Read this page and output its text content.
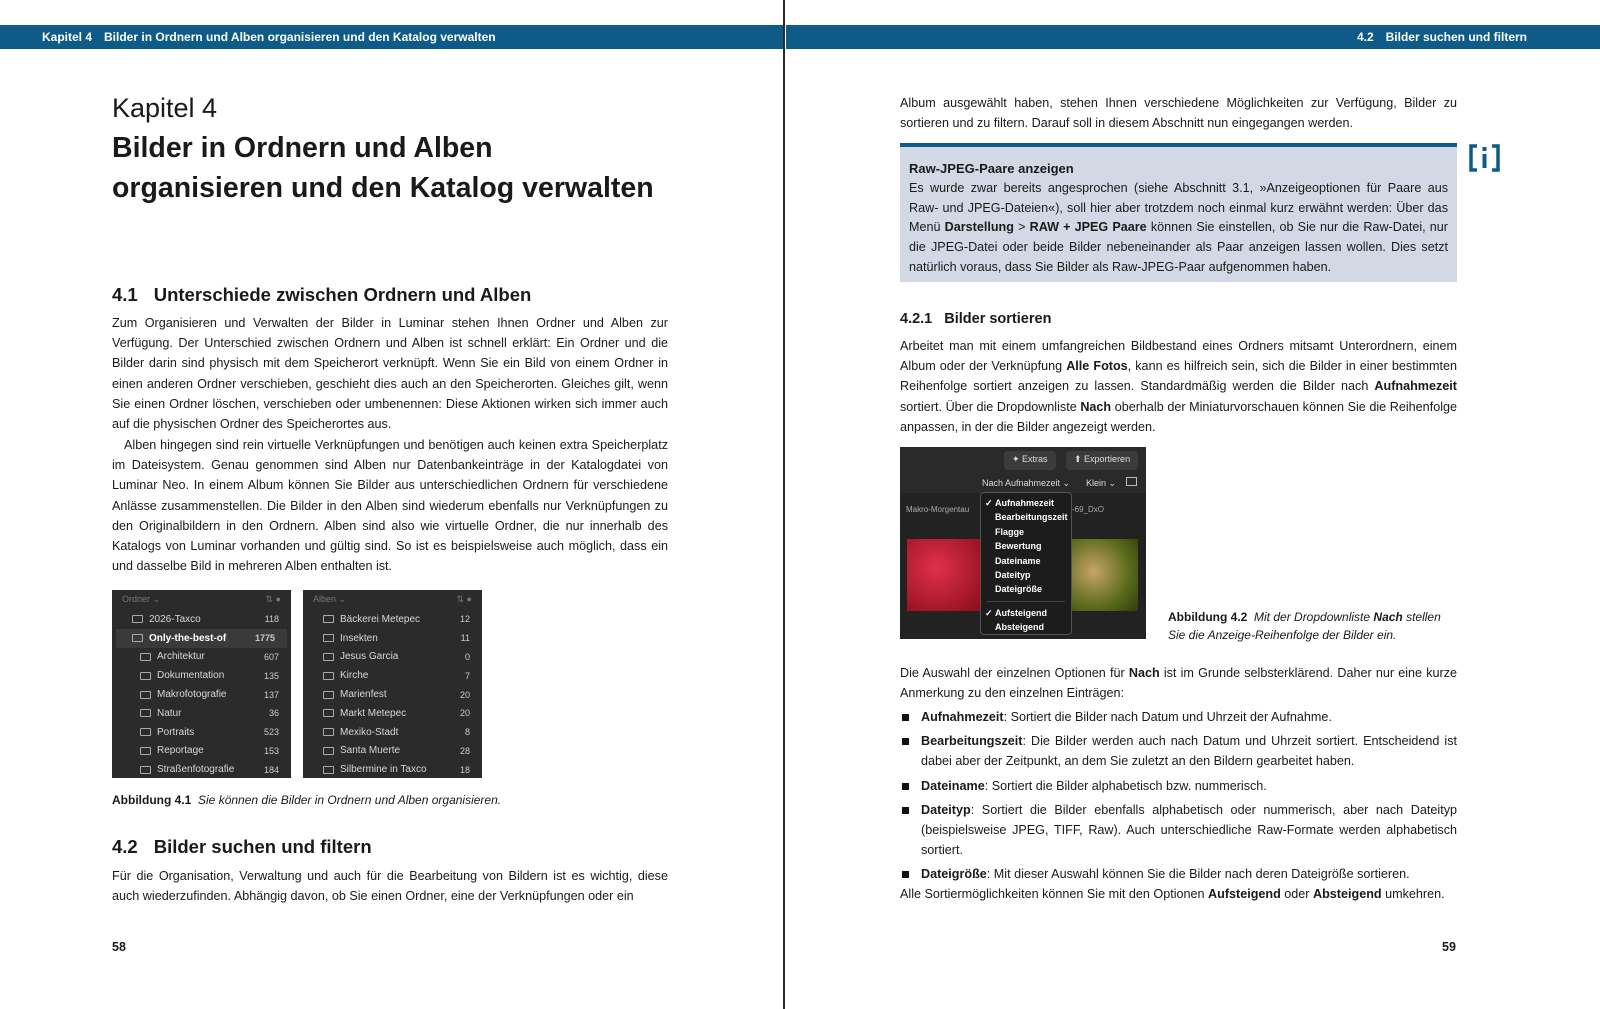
Kapitel 4 Bilder in Ordnern und Alben organisieren und den Katalog verwalten	4.2 Bilder suchen und filtern
Kapitel 4
Bilder in Ordnern und Alben
organisieren und den Katalog verwalten
4.1 Unterschiede zwischen Ordnern und Alben

Zum Organisieren und Verwalten der Bilder in Luminar stehen Ihnen Ordner und Alben zur Verfügung. Der Unterschied zwischen Ordnern und Alben ist schnell erklärt: Ein Ordner und die Bilder darin sind physisch mit dem Speicherort verknüpft. Wenn Sie ein Bild von einem Ordner in einen anderen Ordner verschieben, geschieht dies auch an den Speicherorten. Gleiches gilt, wenn Sie einen Ordner löschen, verschieben oder umbenennen: Diese Aktionen wirken sich immer auch auf die physischen Ordner des Speicherortes aus.

Alben hingegen sind rein virtuelle Verknüpfungen und benötigen auch keinen extra Speicherplatz im Dateisystem. Genau genommen sind Alben nur Datenbankeinträge in der Katalogdatei von Luminar Neo. In einem Album können Sie Bilder aus unterschiedlichen Ordnern für verschiedene Anlässe zusammenstellen. Die Bilder in den Alben sind wiederum ebenfalls nur Verknüpfungen zu den Originalbildern in den Ordnern. Alben sind also wie virtuelle Ordner, die nur innerhalb des Katalogs von Luminar vorhanden und gültig sind. So ist es beispielsweise auch möglich, dass ein und dasselbe Bild in mehreren Alben enthalten ist.

Ordner ⌄	⇅ ●
2026-Taxco	118
Only-the-best-of	1775
Architektur	607
Dokumentation	135
Makrofotografie	137
Natur	36
Portraits	523
Reportage	153
Straßenfotografie	184
Alben ⌄	⇅ ●
Bäckerei Metepec	12
Insekten	11
Jesus Garcia	0
Kirche	7
Marienfest	20
Markt Metepec	20
Mexiko-Stadt	8
Santa Muerte	28
Silbermine in Taxco	18

Abbildung 4.1 Sie können die Bilder in Ordnern und Alben organisieren.

4.2 Bilder suchen und filtern

Für die Organisation, Verwaltung und auch für die Bearbeitung von Bildern ist es wichtig, diese auch wiederzufinden. Abhängig davon, ob Sie einen Ordner, eine der Verknüpfungen oder ein

58

Album ausgewählt haben, stehen Ihnen verschiedene Möglichkeiten zur Verfügung, Bilder zu sortieren und zu filtern. Darauf soll in diesem Abschnitt nun eingegangen werden.

Raw-JPEG-Paare anzeigen
Es wurde zwar bereits angesprochen (siehe Abschnitt 3.1, »Anzeigeoptionen für Paare aus Raw- und JPEG-Dateien«), soll hier aber trotzdem noch einmal kurz erwähnt werden: Über das Menü Darstellung > RAW + JPEG Paare können Sie einstellen, ob Sie nur die Raw-Datei, nur die JPEG-Datei oder beide Bilder nebeneinander als Paar anzeigen lassen wollen. Dies setzt natürlich voraus, dass Sie Bilder als Raw-JPEG-Paar aufgenommen haben.
4.2.1 Bilder sortieren

Arbeitet man mit einem umfangreichen Bildbestand eines Ordners mitsamt Unterordnern, einem Album oder der Verknüpfung Alle Fotos, kann es hilfreich sein, sich die Bilder in einer bestimmten Reihenfolge sortiert anzeigen zu lassen. Standardmäßig werden die Bilder nach Aufnahmezeit sortiert. Über die Dropdownliste Nach oberhalb der Miniaturvorschauen können Sie die Reihenfolge anpassen, in der die Bilder angezeigt werden.

✦ Extras	⬆ Exportieren
Nach Aufnahmezeit ⌄ Klein ⌄
Makro-Morgentau	-69_DxO
✓ Aufnahmezeit
Bearbeitungszeit
Flagge
Bewertung
Dateiname
Dateityp
Dateigröße
✓ Aufsteigend
Absteigend

Abbildung 4.2 Mit der Dropdownliste Nach stellen Sie die Anzeige-Reihenfolge der Bilder ein.

Die Auswahl der einzelnen Optionen für Nach ist im Grunde selbsterklärend. Daher nur eine kurze Anmerkung zu den einzelnen Einträgen:

Aufnahmezeit: Sortiert die Bilder nach Datum und Uhrzeit der Aufnahme.
Bearbeitungszeit: Die Bilder werden auch nach Datum und Uhrzeit sortiert. Entscheidend ist dabei aber der Zeitpunkt, an dem Sie zuletzt an den Bildern gearbeitet haben.
Dateiname: Sortiert die Bilder alphabetisch bzw. nummerisch.
Dateityp: Sortiert die Bilder ebenfalls alphabetisch oder nummerisch, aber nach Dateityp (beispielsweise JPEG, TIFF, Raw). Auch unterschiedliche Raw-Formate werden alphabetisch sortiert.
Dateigröße: Mit dieser Auswahl können Sie die Bilder nach deren Dateigröße sortieren.

Alle Sortiermöglichkeiten können Sie mit den Optionen Aufsteigend oder Absteigend umkehren.

59
